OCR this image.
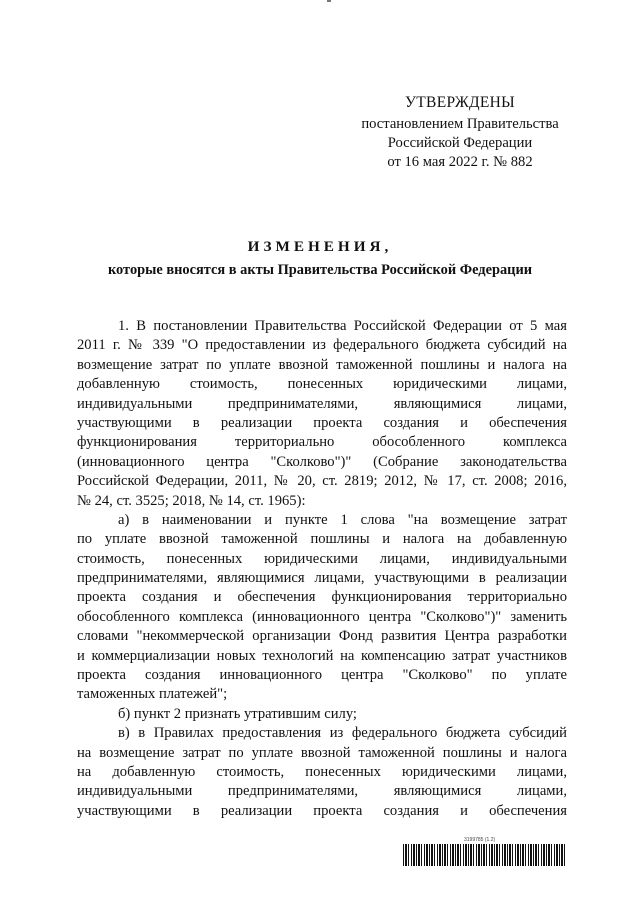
УТВЕРЖДЕНЫ
постановлением Правительства
Российской Федерации
от 16 мая 2022 г. № 882
ИЗМЕНЕНИЯ,
которые вносятся в акты Правительства Российской Федерации
1. В постановлении Правительства Российской Федерации от 5 мая
2011 г. № 339 "О предоставлении из федерального бюджета субсидий на
возмещение затрат по уплате ввозной таможенной пошлины и налога на
добавленную стоимость, понесенных юридическими лицами,
индивидуальными предпринимателями, являющимися лицами,
участвующими в реализации проекта создания и обеспечения
функционирования территориально обособленного комплекса
(инновационного центра "Сколково")" (Собрание законодательства
Российской Федерации, 2011, № 20, ст. 2819; 2012, № 17, ст. 2008; 2016,
№ 24, ст. 3525; 2018, № 14, ст. 1965):
а) в наименовании и пункте 1 слова "на возмещение затрат
по уплате ввозной таможенной пошлины и налога на добавленную
стоимость, понесенных юридическими лицами, индивидуальными
предпринимателями, являющимися лицами, участвующими в реализации
проекта создания и обеспечения функционирования территориально
обособленного комплекса (инновационного центра "Сколково")" заменить
словами "некоммерческой организации Фонд развития Центра разработки
и коммерциализации новых технологий на компенсацию затрат участников
проекта создания инновационного центра "Сколково" по уплате
таможенных платежей";
б) пункт 2 признать утратившим силу;
в) в Правилах предоставления из федерального бюджета субсидий
на возмещение затрат по уплате ввозной таможенной пошлины и налога
на добавленную стоимость, понесенных юридическими лицами,
индивидуальными предпринимателями, являющимися лицами,
участвующими в реализации проекта создания и обеспечения
3199785 (1.2)
